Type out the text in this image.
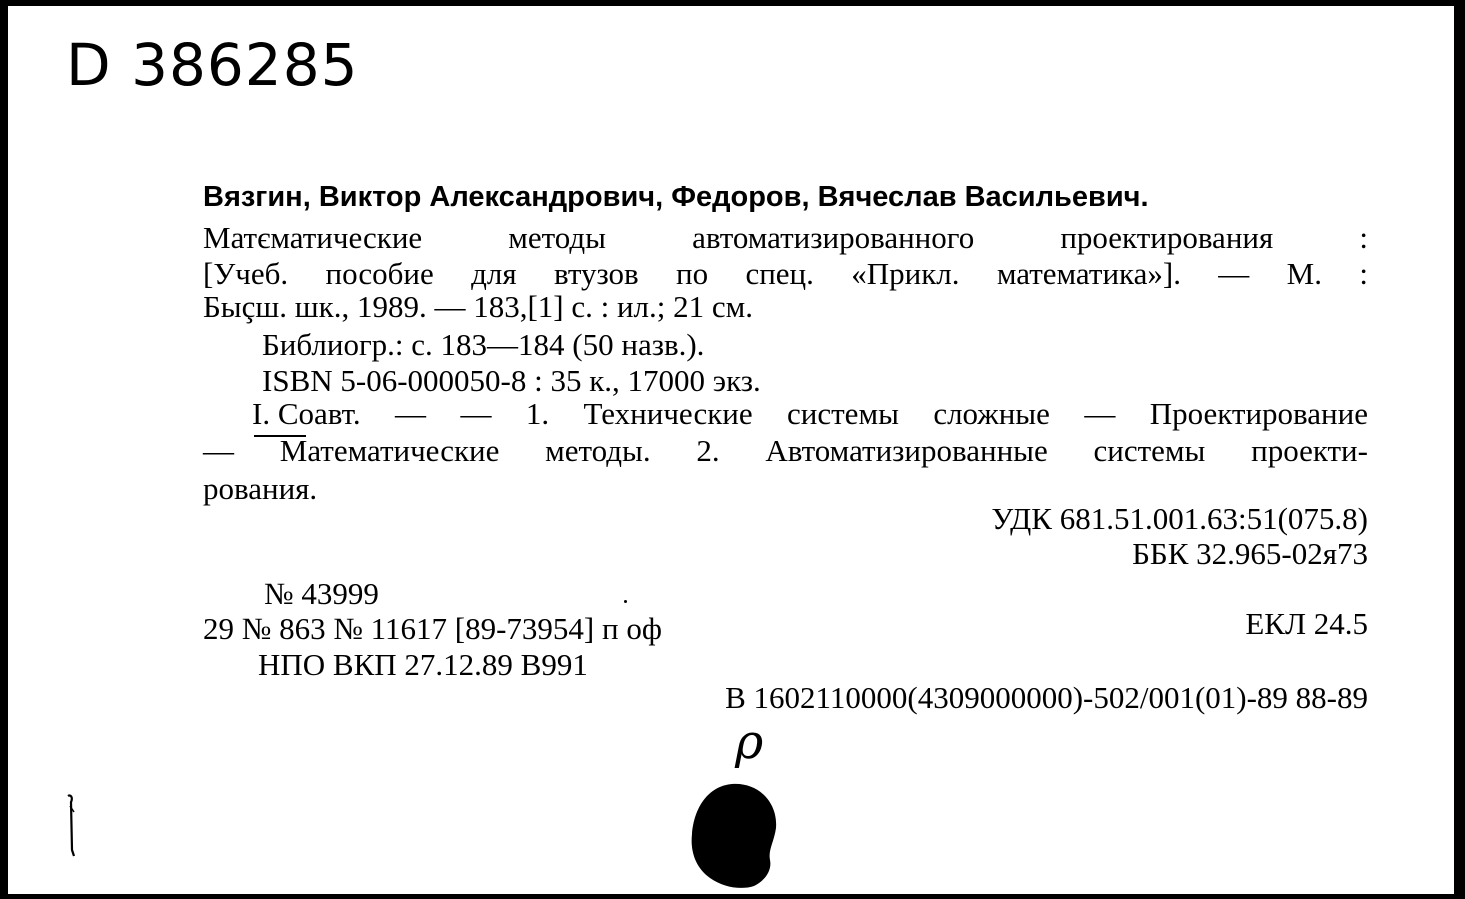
D 386285
Вязгин, Виктор Александрович, Федоров, Вячеслав Васильевич.
Матєматические	методы	автоматизированного	проектирования	:
[Учеб. пособие для втузов по спец. «Прикл. математика»]. — М. :
Быçш. шк., 1989. — 183,[1] с. : ил.; 21 см.
Библиогр.: с. 183—184 (50 назв.).
ISBN 5-06-000050-8 : 35 к., 17000 экз.
I. Соавт. — — 1. Технические системы сложные — Проектирование
— Математические методы. 2. Автоматизированные системы проекти-
рования.
УДК 681.51.001.63:51(075.8)
ББК 32.965-02я73
№ 43999
29 № 863 № 11617 [89-73954] п оф	ЕКЛ 24.5
НПО ВКП 27.12.89 В991
В 1602110000(4309000000)-502/001(01)-89 88-89
ρ
